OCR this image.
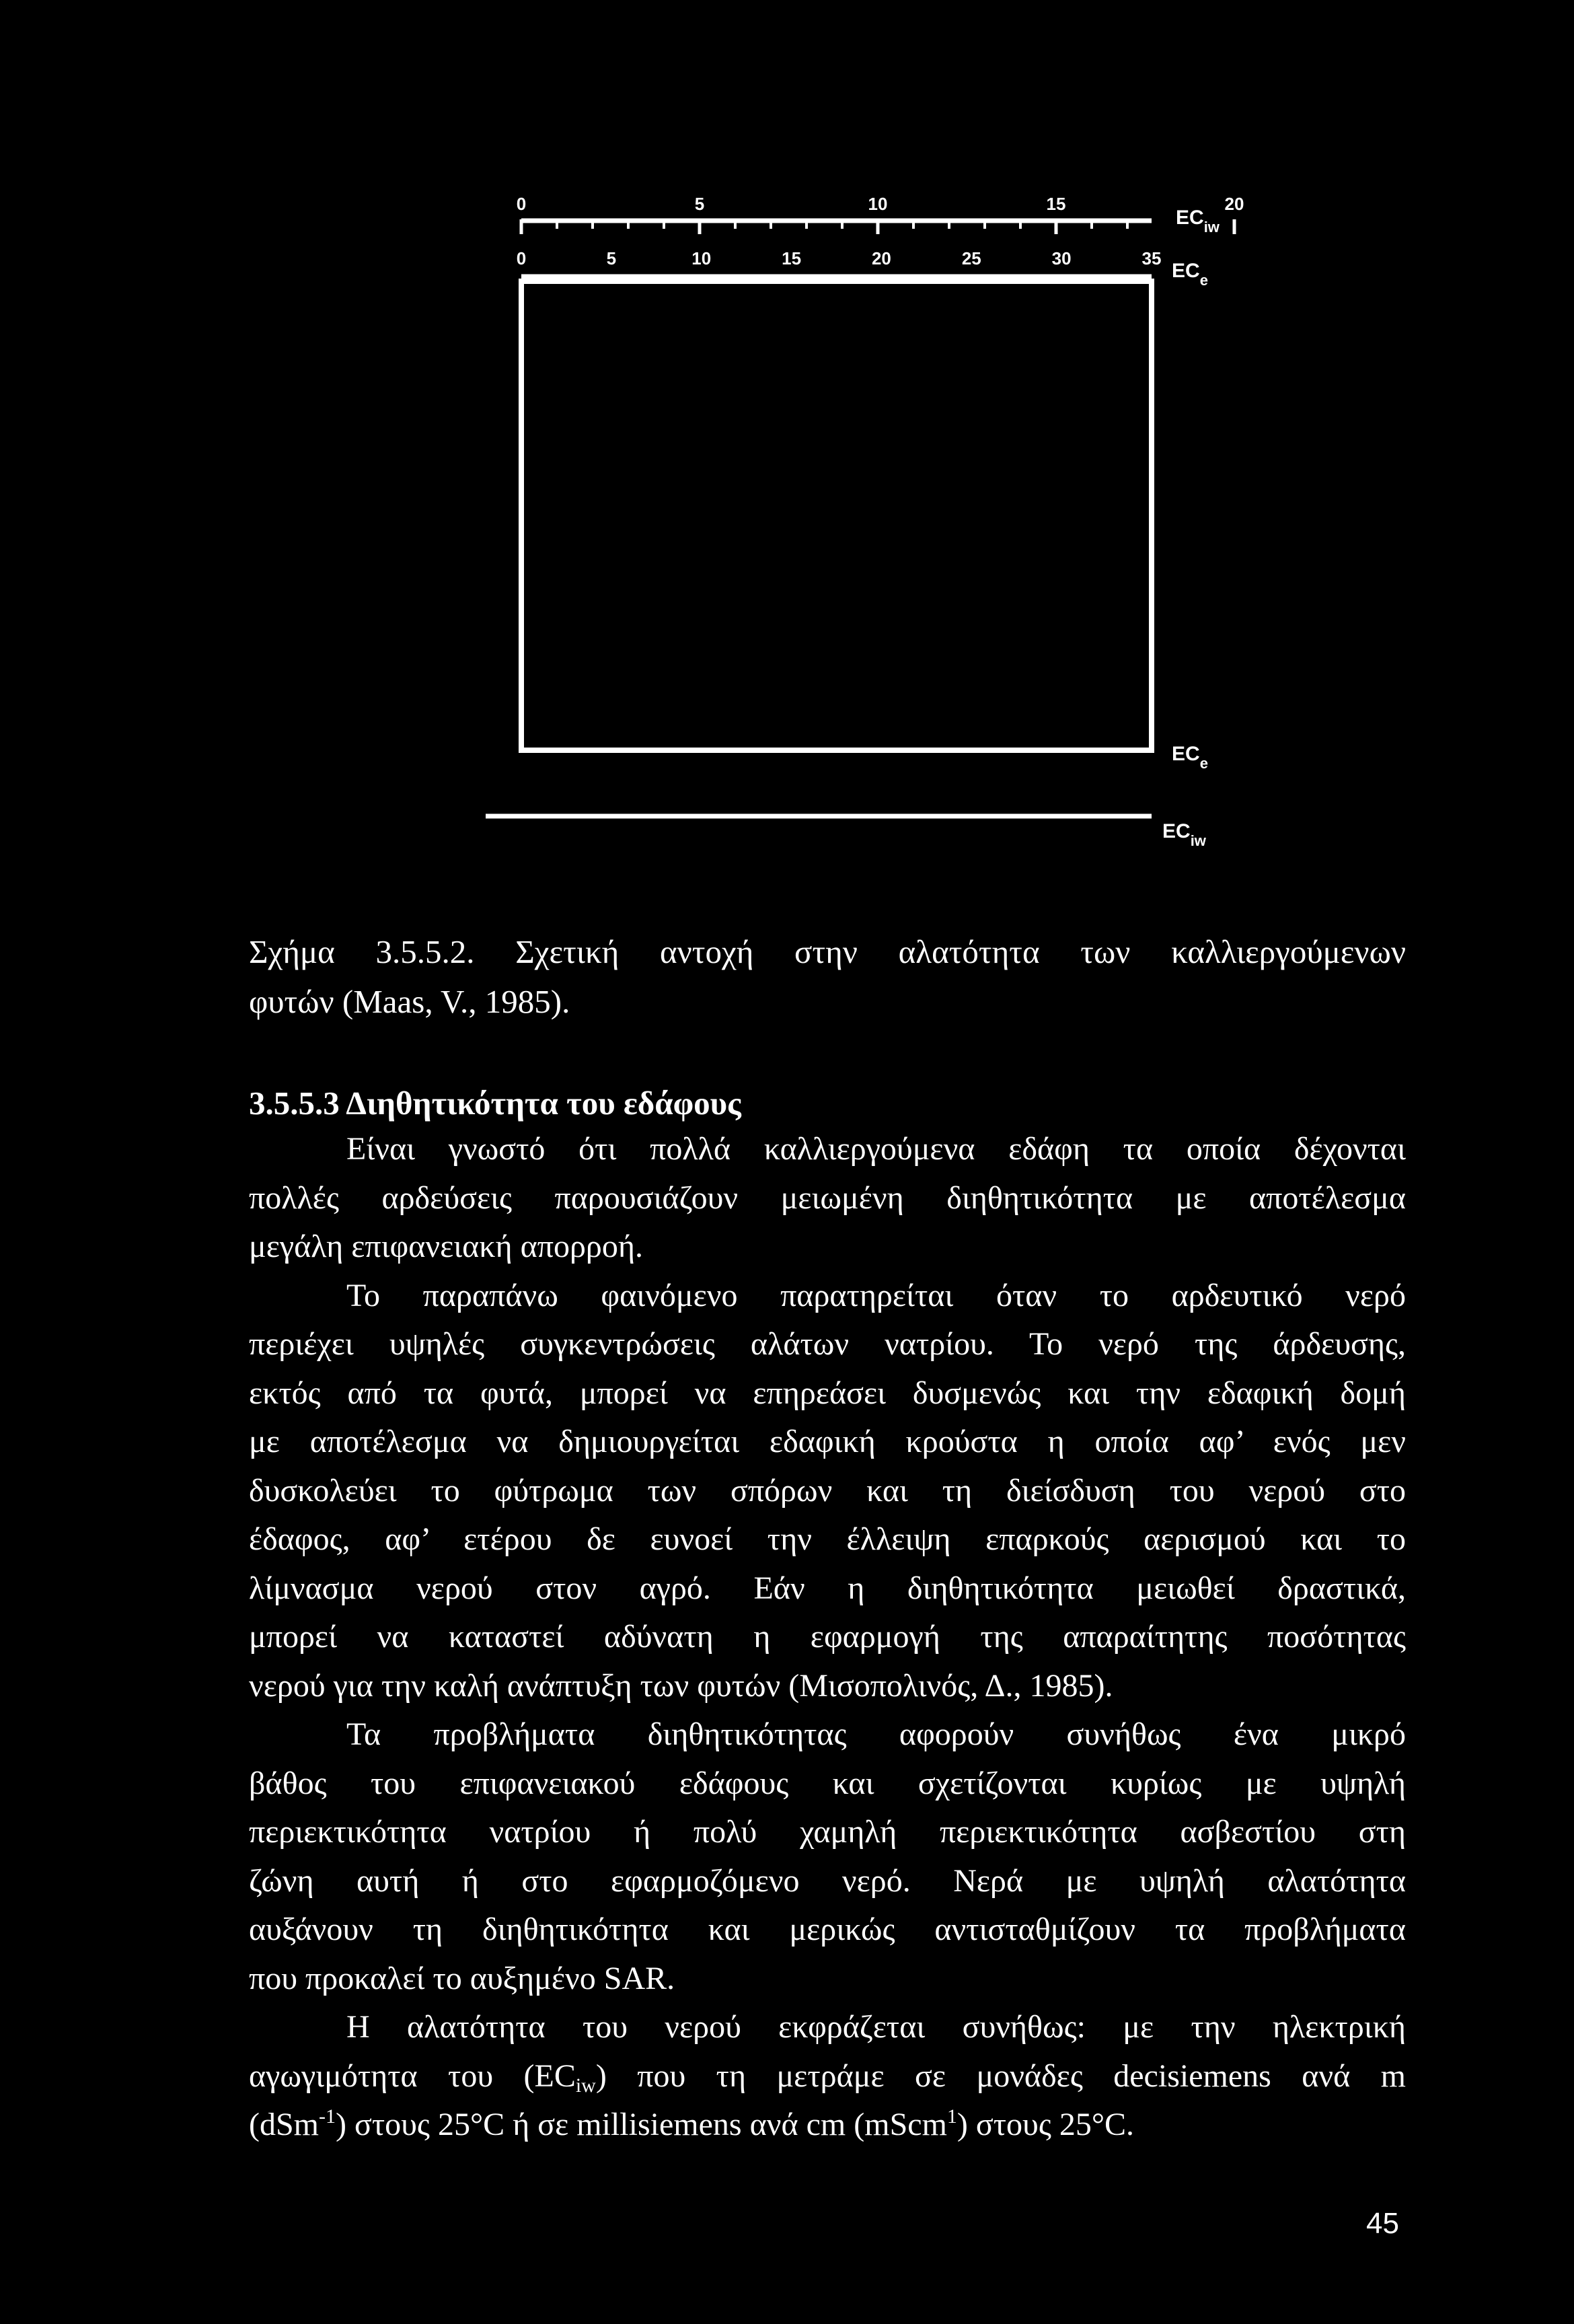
0	5	10	15	20
$EC_{iw}$
0	5	10	15	20	25	30	35
$EC_e$
$EC_e$
$EC_{iw}$
Σχήμα 3.5.5.2. Σχετική αντοχή στην αλατότητα των καλλιεργούμενων
φυτών (Maas, V., 1985).
3.5.5.3 Διηθητικότητα του εδάφους
Είναι γνωστό ότι πολλά καλλιεργούμενα εδάφη τα οποία δέχονται
πολλές αρδεύσεις παρουσιάζουν μειωμένη διηθητικότητα με αποτέλεσμα
μεγάλη επιφανειακή απορροή.
Το παραπάνω φαινόμενο παρατηρείται όταν το αρδευτικό νερό
περιέχει υψηλές συγκεντρώσεις αλάτων νατρίου. Το νερό της άρδευσης,
εκτός από τα φυτά, μπορεί να επηρεάσει δυσμενώς και την εδαφική δομή
με αποτέλεσμα να δημιουργείται εδαφική κρούστα η οποία αφ’ ενός μεν
δυσκολεύει το φύτρωμα των σπόρων και τη διείσδυση του νερού στο
έδαφος, αφ’ ετέρου δε ευνοεί την έλλειψη επαρκούς αερισμού και το
λίμνασμα νερού στον αγρό. Εάν η διηθητικότητα μειωθεί δραστικά,
μπορεί να καταστεί αδύνατη η εφαρμογή της απαραίτητης ποσότητας
νερού για την καλή ανάπτυξη των φυτών (Μισοπολινός, Δ., 1985).
Τα προβλήματα διηθητικότητας αφορούν συνήθως ένα μικρό
βάθος του επιφανειακού εδάφους και σχετίζονται κυρίως με υψηλή
περιεκτικότητα νατρίου ή πολύ χαμηλή περιεκτικότητα ασβεστίου στη
ζώνη αυτή ή στο εφαρμοζόμενο νερό. Νερά με υψηλή αλατότητα
αυξάνουν τη διηθητικότητα και μερικώς αντισταθμίζουν τα προβλήματα
που προκαλεί το αυξημένο SAR.
Η αλατότητα του νερού εκφράζεται συνήθως: με την ηλεκτρική
αγωγιμότητα του $(EC_{iw})$ που τη μετράμε σε μονάδες decisiemens ανά m
(dSm$^{-1}$) στους 25°C ή σε millisiemens ανά cm (mScm$^1$) στους 25°C.
45
